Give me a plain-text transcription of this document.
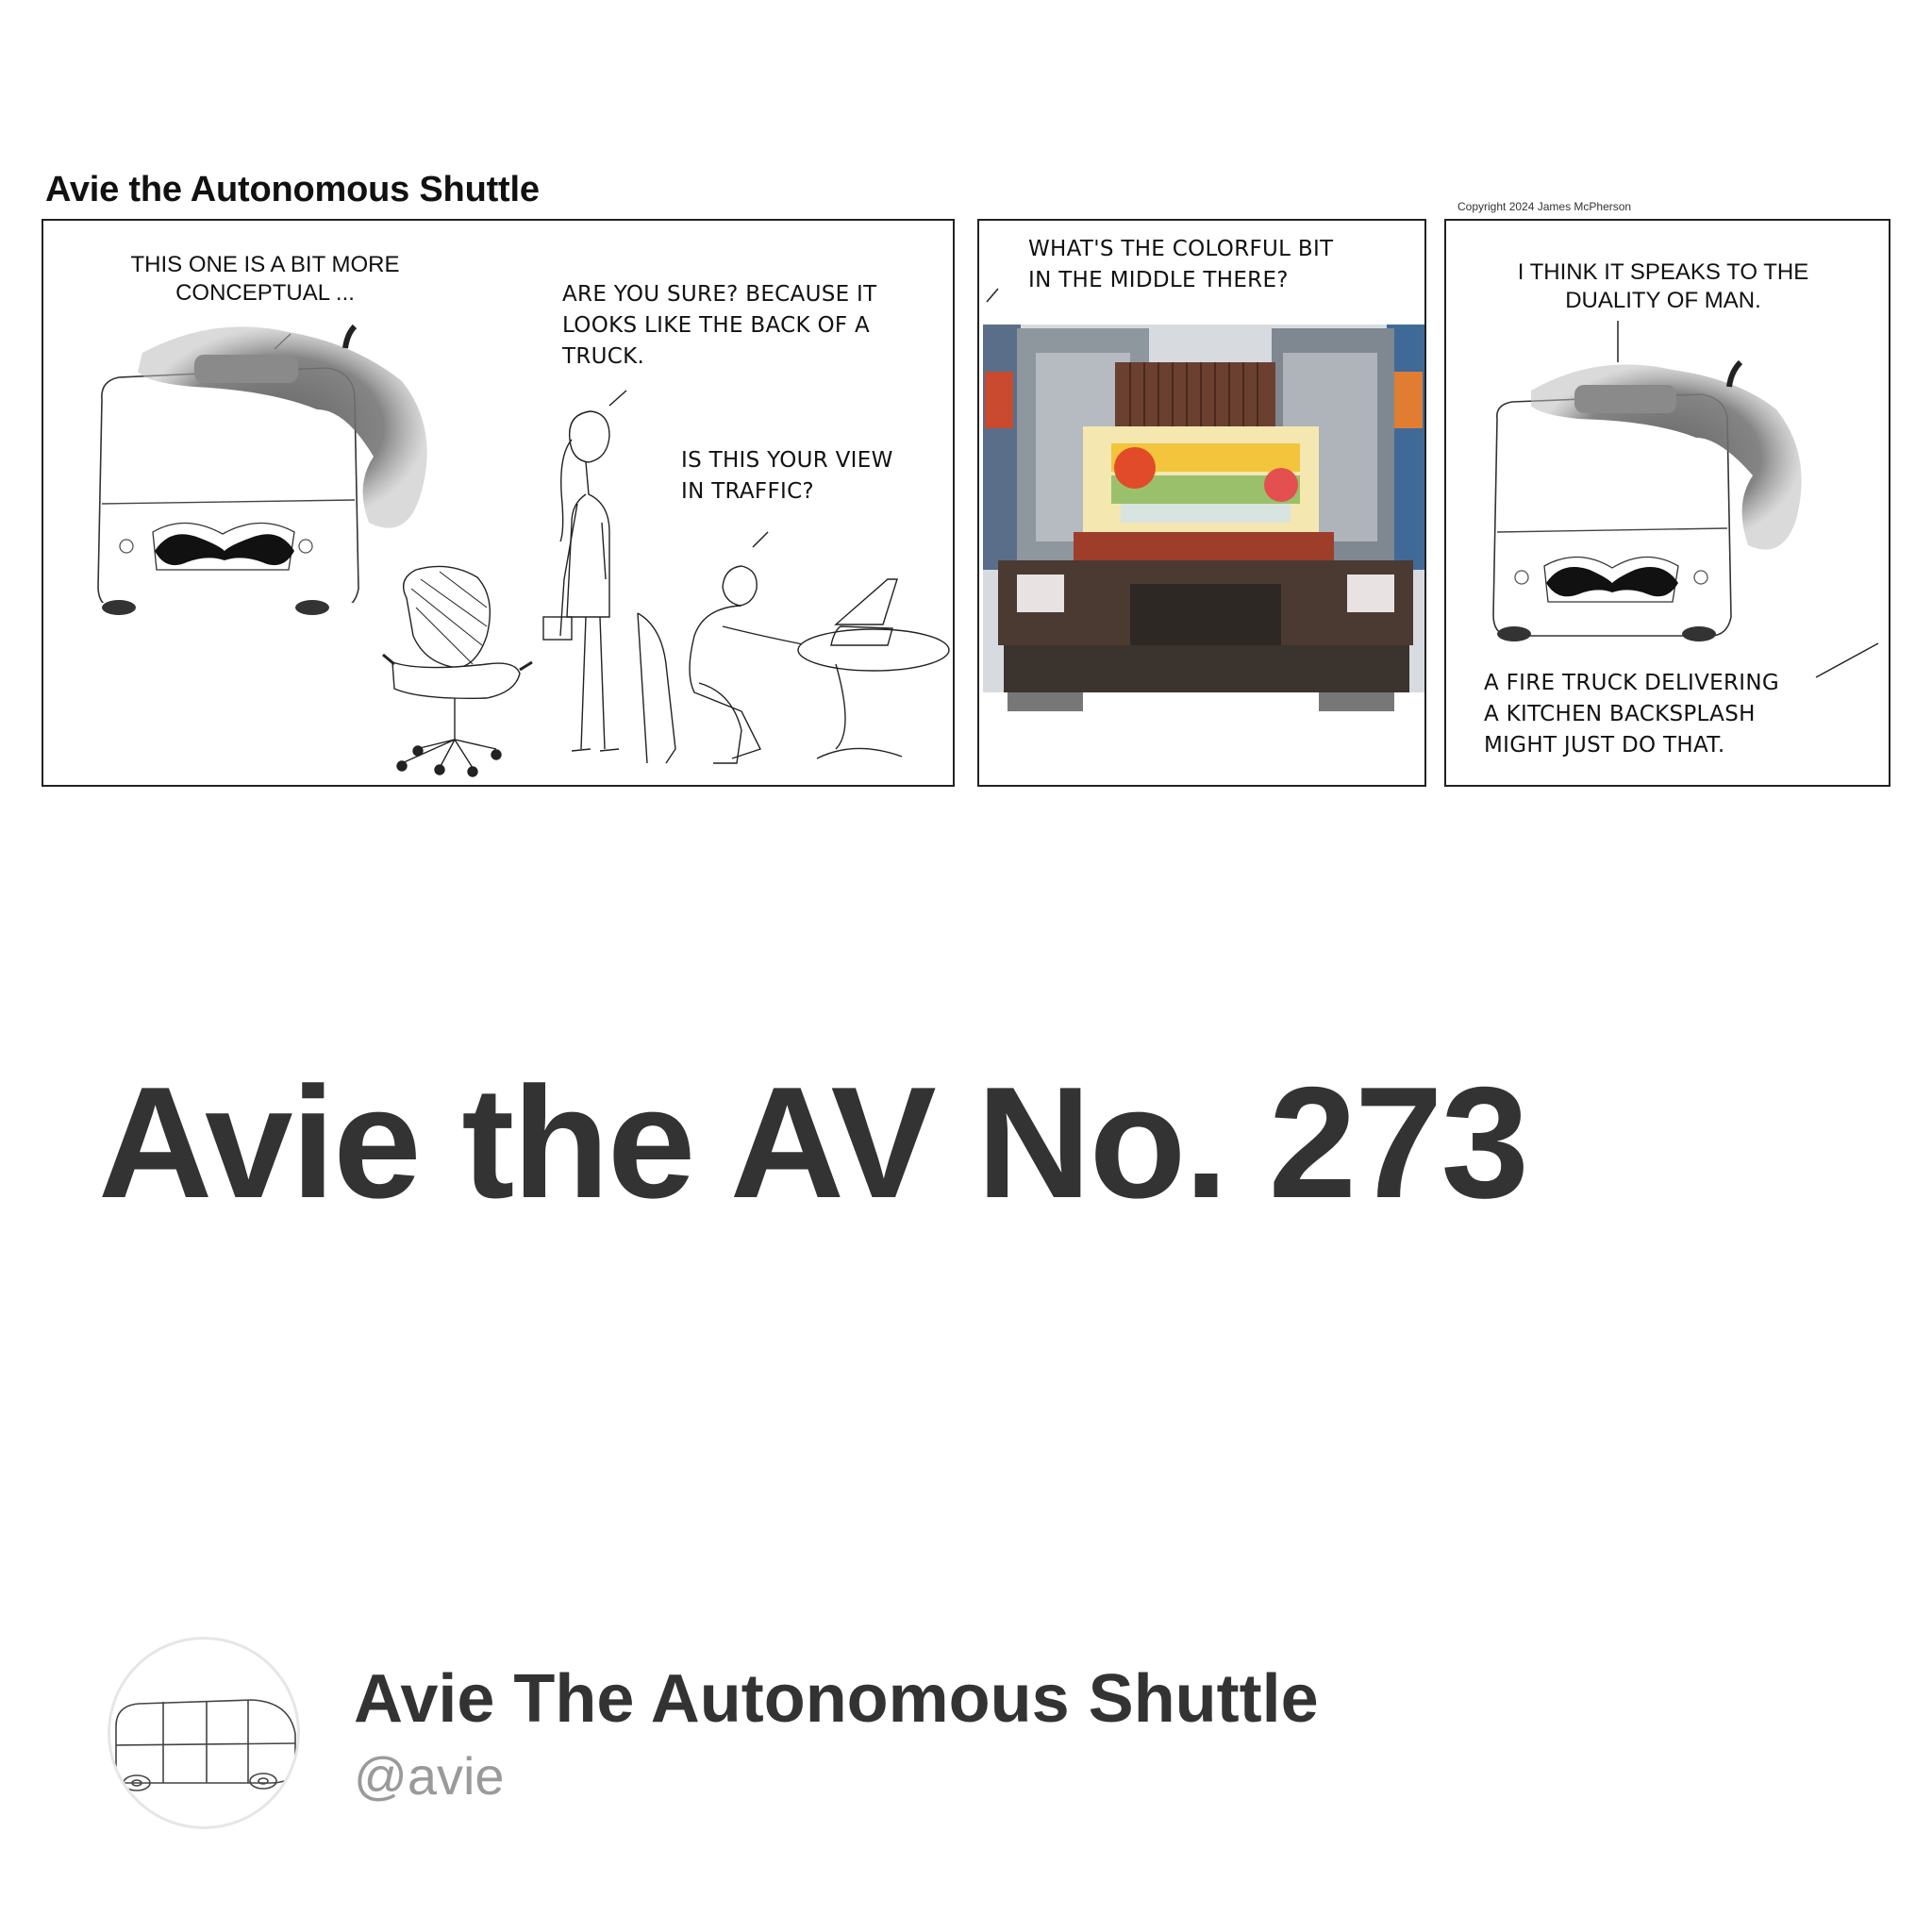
Avie the Autonomous Shuttle	Copyright 2024 James McPherson
THIS ONE IS A BIT MORE
CONCEPTUAL ...	ARE YOU SURE? BECAUSE IT
LOOKS LIKE THE BACK OF A
TRUCK.
IS THIS YOUR VIEW
IN TRAFFIC?
WHAT'S THE COLORFUL BIT
IN THE MIDDLE THERE?	I THINK IT SPEAKS TO THE
DUALITY OF MAN.
A FIRE TRUCK DELIVERING
A KITCHEN BACKSPLASH
MIGHT JUST DO THAT.
Avie the AV No. 273
Avie The Autonomous Shuttle
@avie
